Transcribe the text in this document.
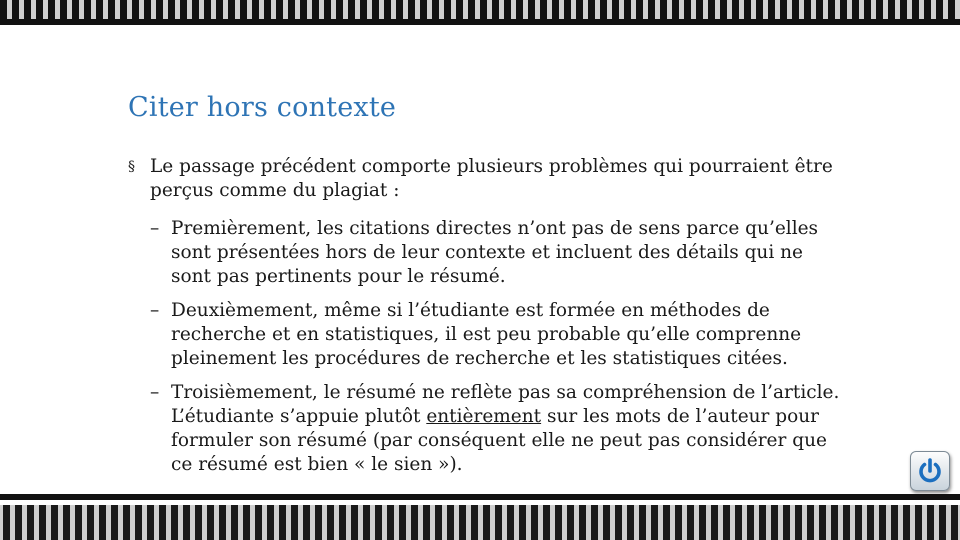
Citer hors contexte
§ Le passage précédent comporte plusieurs problèmes qui pourraient être perçus comme du plagiat :
– Premièrement, les citations directes n’ont pas de sens parce qu’elles sont présentées hors de leur contexte et incluent des détails qui ne sont pas pertinents pour le résumé.
– Deuxièmement, même si l’étudiante est formée en méthodes de recherche et en statistiques, il est peu probable qu’elle comprenne pleinement les procédures de recherche et les statistiques citées.
– Troisièmement, le résumé ne reflète pas sa compréhension de l’article. L’étudiante s’appuie plutôt entièrement sur les mots de l’auteur pour formuler son résumé (par conséquent elle ne peut pas considérer que ce résumé est bien « le sien »).
